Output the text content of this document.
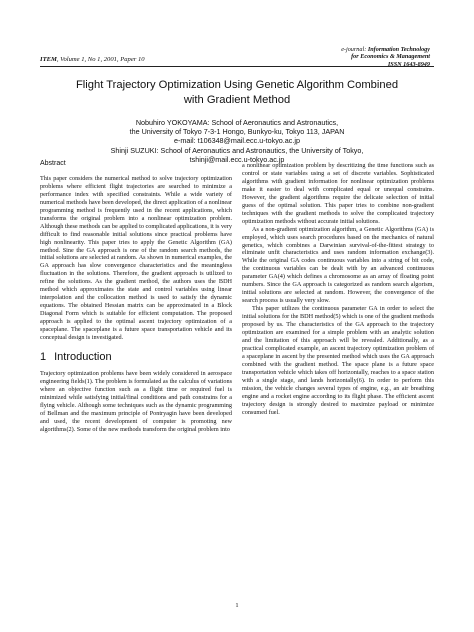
e-journal: Information Technology
for Economics & Management
ISSN 1643-8949
ITEM, Volume 1, No 1, 2001, Paper 10
Flight Trajectory Optimization Using Genetic Algorithm Combined
with Gradient Method
Nobuhiro YOKOYAMA: School of Aeronautics and Astronautics,
the University of Tokyo 7-3-1 Hongo, Bunkyo-ku, Tokyo 113, JAPAN
e-mail: t106348@mail.ecc.u-tokyo.ac.jp
Shinji SUZUKI: School of Aeronautics and Astronautics, the University of Tokyo,
tshinji@mail.ecc.u-tokyo.ac.jp
Abstract

This paper considers the numerical method to solve trajectory optimization problems where efficient flight trajectories are searched to minimize a performance index with specified constraints. While a wide variety of numerical methods have been developed, the direct application of a nonlinear programming method is frequently used in the recent applications, which transforms the original problem into a nonlinear optimization problem. Although these methods can be applied to complicated applications, it is very difficult to find reasonable initial solutions since practical problems have high nonlinearity. This paper tries to apply the Genetic Algorithm (GA) method. Sine the GA approach is one of the random search methods, the initial solutions are selected at random. As shown in numerical examples, the GA approach has slow convergence characteristics and the meaningless fluctuation in the solutions. Therefore, the gradient approach is utilized to refine the solutions. As the gradient method, the authors uses the BDH method which approximates the state and control variables using linear interpolation and the collocation method is used to satisfy the dynamic equations. The obtained Hessian matrix can be approximated in a Block Diagonal Form which is suitable for efficient computation. The proposed approach is applied to the optimal ascent trajectory optimization of a spaceplane. The spaceplane is a future space transportation vehicle and its conceptual design is investigated.

1 Introduction

Trajectory optimization problems have been widely considered in aerospace engineering fields(1). The problem is formulated as the calculus of variations where an objective function such as a flight time or required fuel is minimized while satisfying initial/final conditions and path constrains for a flying vehicle. Although some techniques such as the dynamic programming of Bellman and the maximum principle of Pontryagin have been developed and used, the recent development of computer is promoting new algorithms(2). Some of the new methods transform the original problem into

a nonlinear optimization problem by descritizing the time functions such as control or state variables using a set of discrete variables. Sophisticated algorithms with gradient information for nonlinear optimization problems make it easier to deal with complicated equal or unequal constrains. However, the gradient algorithms require the delicate selection of initial guess of the optimal solution. This paper tries to combine non-gradient techniques with the gradient methods to solve the complicated trajectory optimization methods without accurate initial solutions.

As a non-gradient optimization algorithm, a Genetic Algorithms (GA) is employed, which uses search procedures based on the mechanics of natural genetics, which combines a Darwinian survival-of-the-fittest strategy to eliminate unfit characteristics and uses random information exchange(3). While the original GA codes continuous variables into a string of bit code, the continuous variables can be dealt with by an advanced continuous parameter GA(4) which defines a chromosome as an array of floating point numbers. Since the GA approach is categorized as random search algorism, initial solutions are selected at random. However, the convergence of the search process is usually very slow.

This paper utilizes the continuous parameter GA in order to select the initial solutions for the BDH method(5) which is one of the gradient methods proposed by us. The characteristics of the GA approach to the trajectory optimization are examined for a simple problem with an analytic solution and the limitation of this approach will be revealed. Additionally, as a practical complicated example, an ascent trajectory optimization problem of a spaceplane in ascent by the presented method which uses the GA approach combined with the gradient method. The space plane is a future space transportation vehicle which takes off horizontally, reaches to a space station with a single stage, and lands horizontally(6). In order to perform this mission, the vehicle changes several types of engine, e.g., an air breathing engine and a rocket engine according to its flight phase. The efficient ascent trajectory design is strongly desired to maximize payload or minimize consumed fuel.

1
